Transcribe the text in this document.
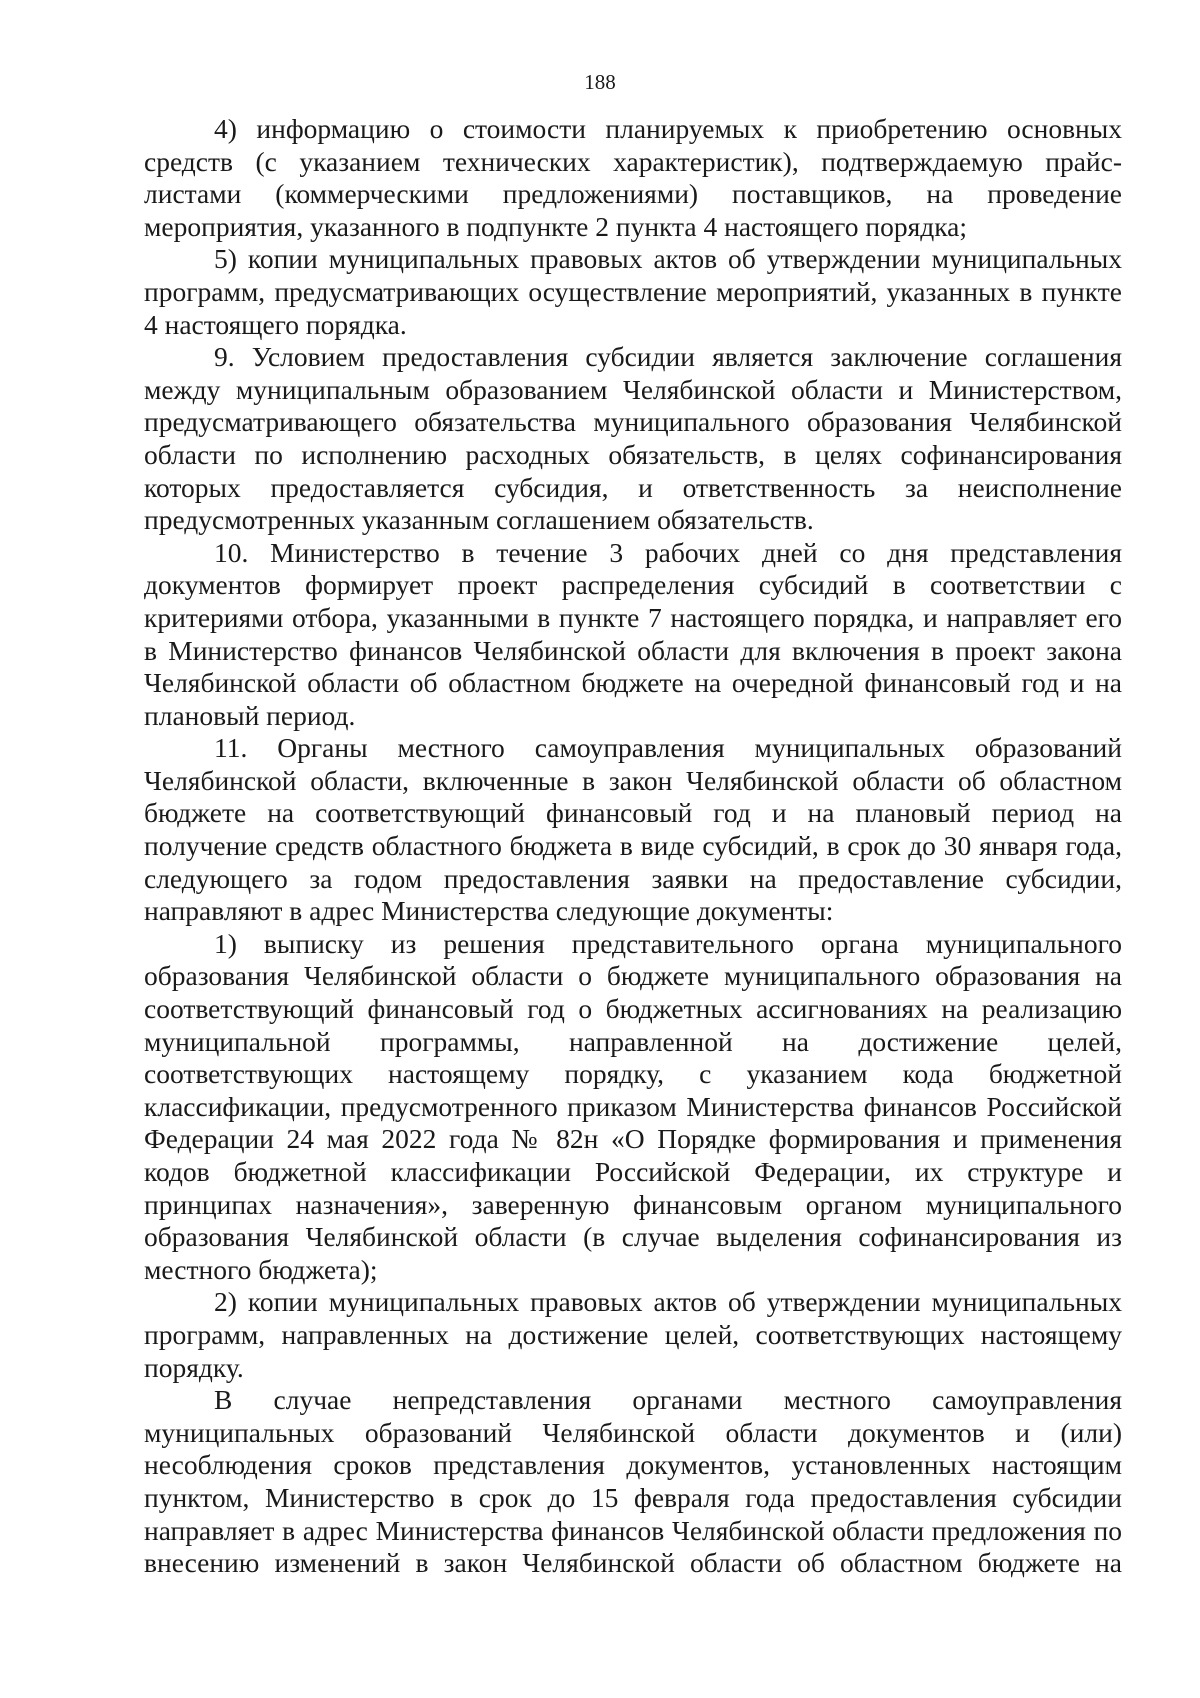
188

4) информацию о стоимости планируемых к приобретению основных средств (с указанием технических характеристик), подтверждаемую прайс-листами (коммерческими предложениями) поставщиков, на проведение мероприятия, указанного в подпункте 2 пункта 4 настоящего порядка;

5) копии муниципальных правовых актов об утверждении муниципальных программ, предусматривающих осуществление мероприятий, указанных в пункте 4 настоящего порядка.

9. Условием предоставления субсидии является заключение соглашения между муниципальным образованием Челябинской области и Министерством, предусматривающего обязательства муниципального образования Челябинской области по исполнению расходных обязательств, в целях софинансирования которых предоставляется субсидия, и ответственность за неисполнение предусмотренных указанным соглашением обязательств.

10. Министерство в течение 3 рабочих дней со дня представления документов формирует проект распределения субсидий в соответствии с критериями отбора, указанными в пункте 7 настоящего порядка, и направляет его в Министерство финансов Челябинской области для включения в проект закона Челябинской области об областном бюджете на очередной финансовый год и на плановый период.

11. Органы местного самоуправления муниципальных образований Челябинской области, включенные в закон Челябинской области об областном бюджете на соответствующий финансовый год и на плановый период на получение средств областного бюджета в виде субсидий, в срок до 30 января года, следующего за годом предоставления заявки на предоставление субсидии, направляют в адрес Министерства следующие документы:

1) выписку из решения представительного органа муниципального образования Челябинской области о бюджете муниципального образования на соответствующий финансовый год о бюджетных ассигнованиях на реализацию муниципальной программы, направленной на достижение целей, соответствующих настоящему порядку, с указанием кода бюджетной классификации, предусмотренного приказом Министерства финансов Российской Федерации 24 мая 2022 года № 82н «О Порядке формирования и применения кодов бюджетной классификации Российской Федерации, их структуре и принципах назначения», заверенную финансовым органом муниципального образования Челябинской области (в случае выделения софинансирования из местного бюджета);

2) копии муниципальных правовых актов об утверждении муниципальных программ, направленных на достижение целей, соответствующих настоящему порядку.

В случае непредставления органами местного самоуправления муниципальных образований Челябинской области документов и (или) несоблюдения сроков представления документов, установленных настоящим пунктом, Министерство в срок до 15 февраля года предоставления субсидии направляет в адрес Министерства финансов Челябинской области предложения по внесению изменений в закон Челябинской области об областном бюджете на
